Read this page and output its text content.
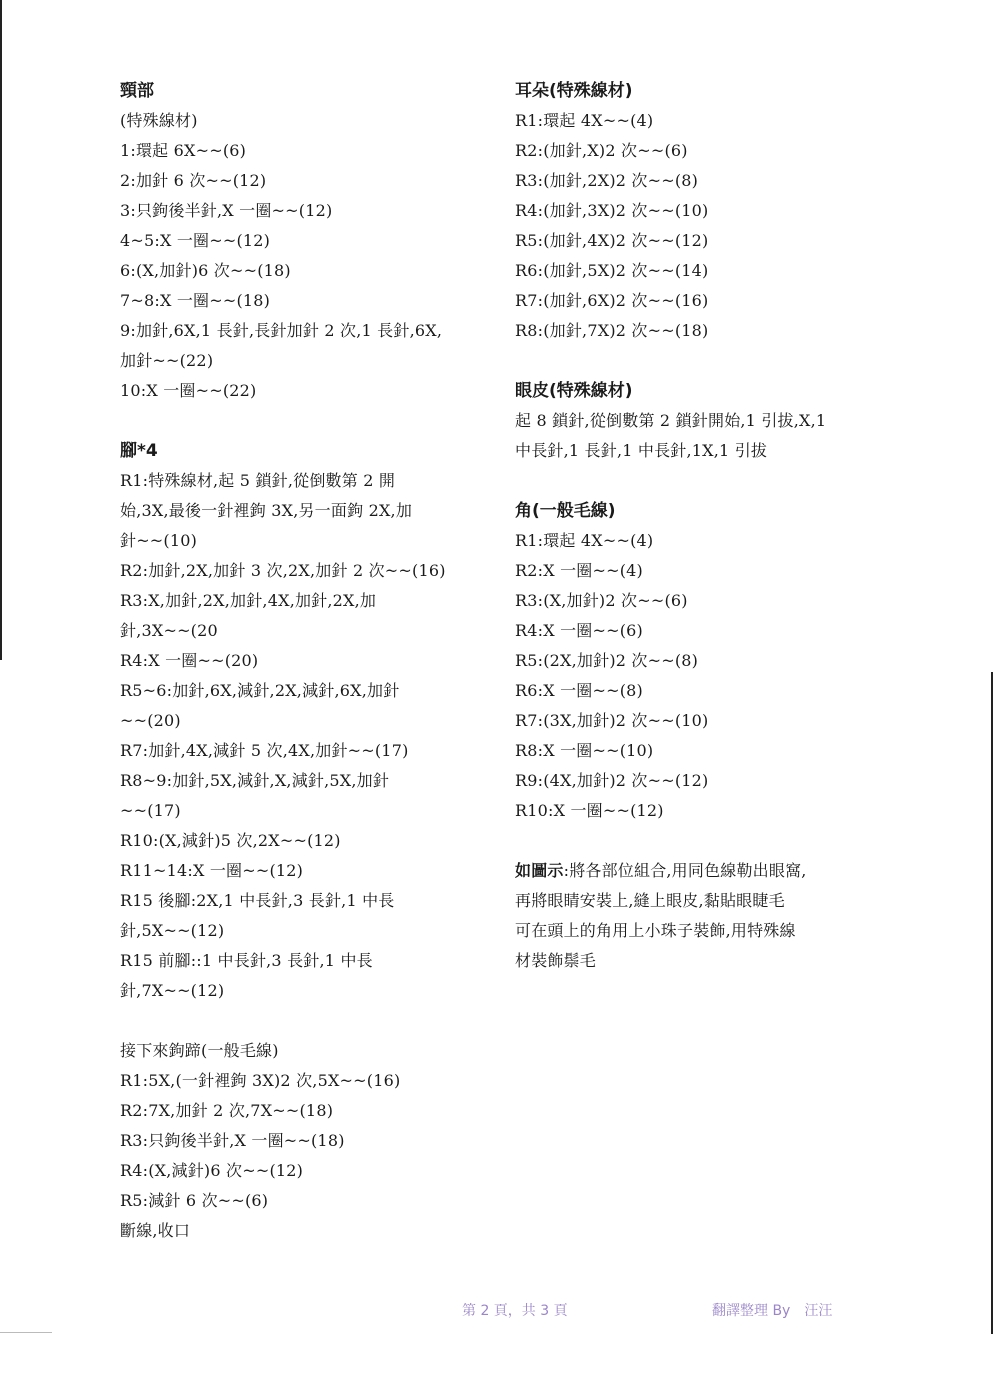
頸部
(特殊線材)
1:環起 6X~~(6)
2:加針 6 次~~(12)
3:只鉤後半針,X 一圈~~(12)
4~5:X 一圈~~(12)
6:(X,加針)6 次~~(18)
7~8:X 一圈~~(18)
9:加針,6X,1 長針,長針加針 2 次,1 長針,6X,
加針~~(22)
10:X 一圈~~(22)
腳*4
R1:特殊線材,起 5 鎖針,從倒數第 2 開
始,3X,最後一針裡鉤 3X,另一面鉤 2X,加
針~~(10)
R2:加針,2X,加針 3 次,2X,加針 2 次~~(16)
R3:X,加針,2X,加針,4X,加針,2X,加
針,3X~~(20
R4:X 一圈~~(20)
R5~6:加針,6X,減針,2X,減針,6X,加針
~~(20)
R7:加針,4X,減針 5 次,4X,加針~~(17)
R8~9:加針,5X,減針,X,減針,5X,加針
~~(17)
R10:(X,減針)5 次,2X~~(12)
R11~14:X 一圈~~(12)
R15 後腳:2X,1 中長針,3 長針,1 中長
針,5X~~(12)
R15 前腳::1 中長針,3 長針,1 中長
針,7X~~(12)
接下來鉤蹄(一般毛線)
R1:5X,(一針裡鉤 3X)2 次,5X~~(16)
R2:7X,加針 2 次,7X~~(18)
R3:只鉤後半針,X 一圈~~(18)
R4:(X,減針)6 次~~(12)
R5:減針 6 次~~(6)
斷線,收口
耳朵(特殊線材)
R1:環起 4X~~(4)
R2:(加針,X)2 次~~(6)
R3:(加針,2X)2 次~~(8)
R4:(加針,3X)2 次~~(10)
R5:(加針,4X)2 次~~(12)
R6:(加針,5X)2 次~~(14)
R7:(加針,6X)2 次~~(16)
R8:(加針,7X)2 次~~(18)
眼皮(特殊線材)
起 8 鎖針,從倒數第 2 鎖針開始,1 引拔,X,1
中長針,1 長針,1 中長針,1X,1 引拔
角(一般毛線)
R1:環起 4X~~(4)
R2:X 一圈~~(4)
R3:(X,加針)2 次~~(6)
R4:X 一圈~~(6)
R5:(2X,加針)2 次~~(8)
R6:X 一圈~~(8)
R7:(3X,加針)2 次~~(10)
R8:X 一圈~~(10)
R9:(4X,加針)2 次~~(12)
R10:X 一圈~~(12)
如圖示:將各部位組合,用同色線勒出眼窩,
再將眼睛安裝上,縫上眼皮,黏貼眼睫毛
可在頭上的角用上小珠子裝飾,用特殊線
材裝飾鬃毛
第 2 頁，共 3 頁	翻譯整理 By　汪汪
